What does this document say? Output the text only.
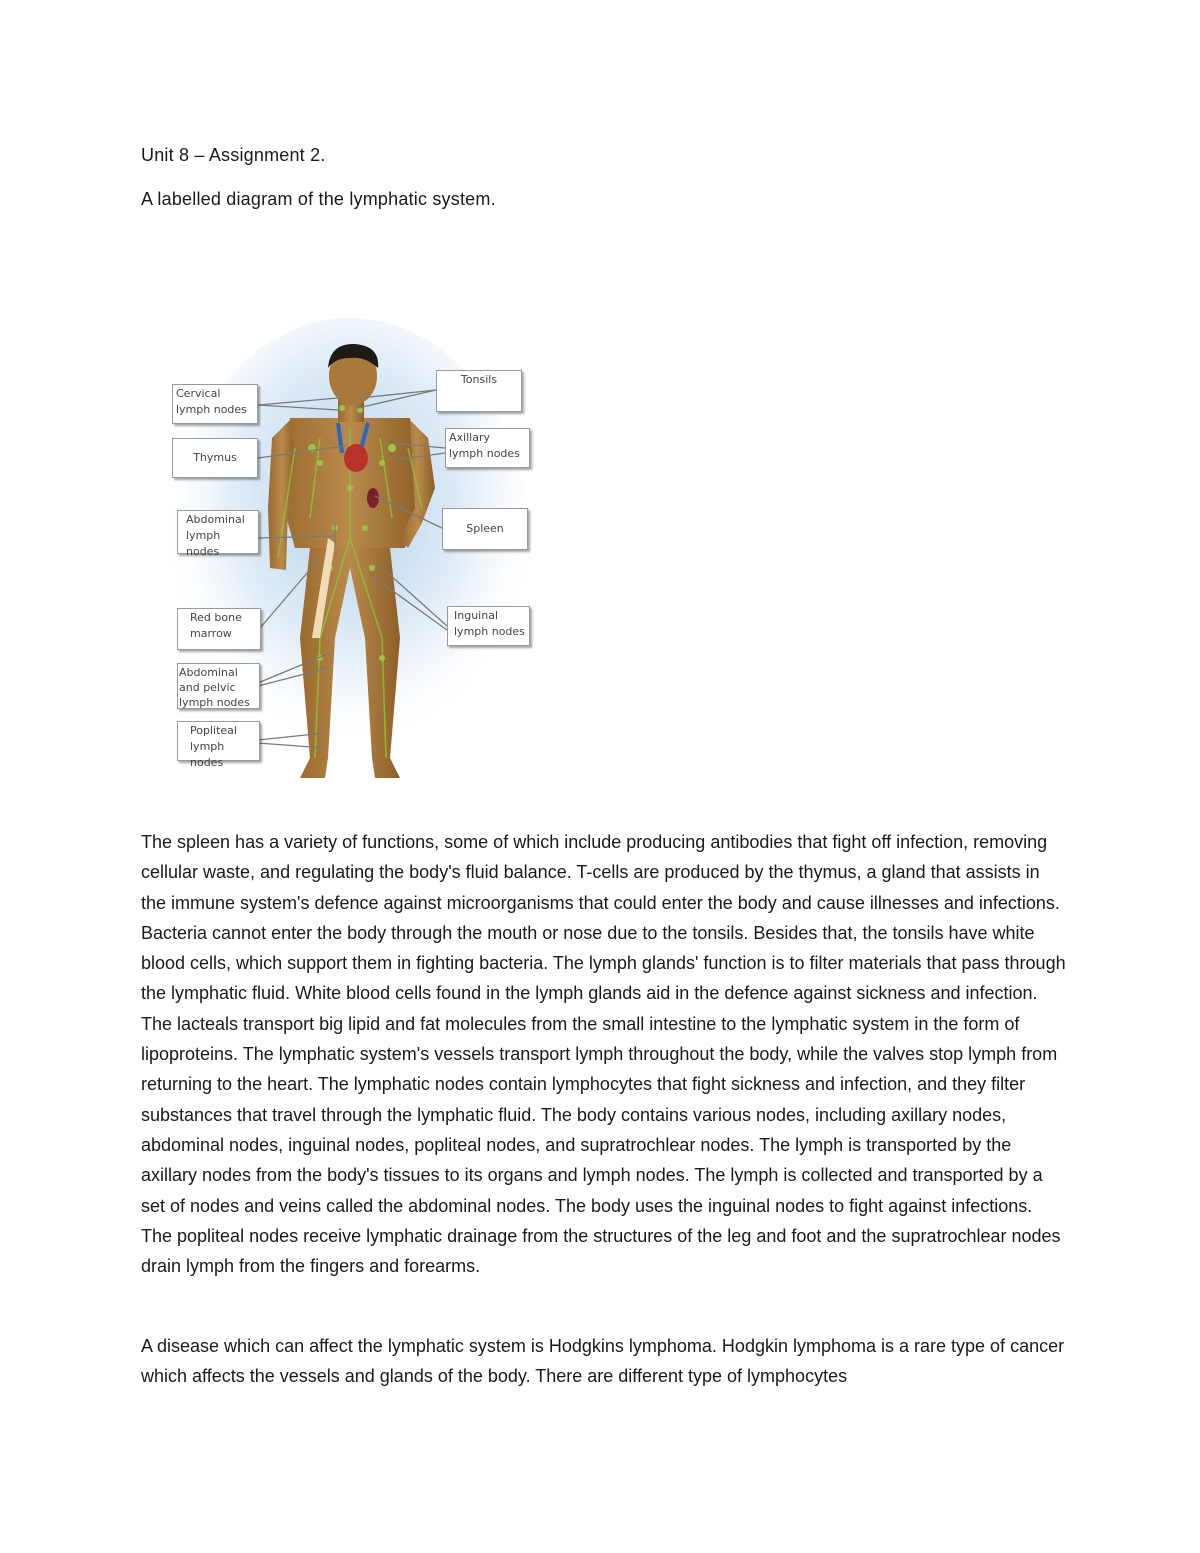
Unit 8 – Assignment 2.
A labelled diagram of the lymphatic system.
Cervical lymph nodes
Thymus
Abdominal lymph nodes
Red bone marrow
Abdominal and pelvic lymph nodes
Popliteal lymph nodes
Tonsils
Axillary lymph nodes
Spleen
Inguinal lymph nodes

The spleen has a variety of functions, some of which include producing antibodies that fight off infection, removing cellular waste, and regulating the body's fluid balance. T-cells are produced by the thymus, a gland that assists in the immune system's defence against microorganisms that could enter the body and cause illnesses and infections. Bacteria cannot enter the body through the mouth or nose due to the tonsils. Besides that, the tonsils have white blood cells, which support them in fighting bacteria. The lymph glands' function is to filter materials that pass through the lymphatic fluid. White blood cells found in the lymph glands aid in the defence against sickness and infection. The lacteals transport big lipid and fat molecules from the small intestine to the lymphatic system in the form of lipoproteins. The lymphatic system's vessels transport lymph throughout the body, while the valves stop lymph from returning to the heart. The lymphatic nodes contain lymphocytes that fight sickness and infection, and they filter substances that travel through the lymphatic fluid. The body contains various nodes, including axillary nodes, abdominal nodes, inguinal nodes, popliteal nodes, and supratrochlear nodes. The lymph is transported by the axillary nodes from the body's tissues to its organs and lymph nodes. The lymph is collected and transported by a set of nodes and veins called the abdominal nodes. The body uses the inguinal nodes to fight against infections. The popliteal nodes receive lymphatic drainage from the structures of the leg and foot and the supratrochlear nodes drain lymph from the fingers and forearms.

A disease which can affect the lymphatic system is Hodgkins lymphoma. Hodgkin lymphoma is a rare type of cancer which affects the vessels and glands of the body. There are different type of lymphocytes
